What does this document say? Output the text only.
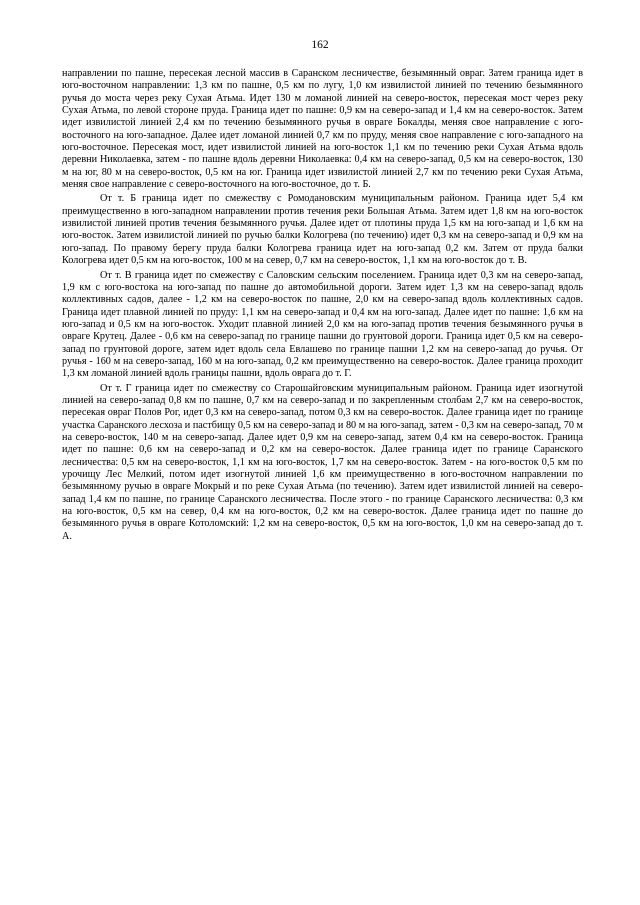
162

направлении по пашне, пересекая лесной массив в Саранском лесничестве, безымянный овраг. Затем граница идет в юго-восточном направлении: 1,3 км по пашне, 0,5 км по лугу, 1,0 км извилистой линией по течению безымянного ручья до моста через реку Сухая Атьма. Идет 130 м ломаной линией на северо-восток, пересекая мост через реку Сухая Атьма, по левой стороне пруда. Граница идет по пашне: 0,9 км на северо-запад и 1,4 км на северо-восток. Затем идет извилистой линией 2,4 км по течению безымянного ручья в овраге Бокалды, меняя свое направление с юго-восточного на юго-западное. Далее идет ломаной линией 0,7 км по пруду, меняя свое направление с юго-западного на юго-восточное. Пересекая мост, идет извилистой линией на юго-восток 1,1 км по течению реки Сухая Атьма вдоль деревни Николаевка, затем - по пашне вдоль деревни Николаевка: 0,4 км на северо-запад, 0,5 км на северо-восток, 130 м на юг, 80 м на северо-восток, 0,5 км на юг. Граница идет извилистой линией 2,7 км по течению реки Сухая Атьма, меняя свое направление с северо-восточного на юго-восточное, до т. Б.

От т. Б граница идет по смежеству с Ромодановским муниципальным районом. Граница идет 5,4 км преимущественно в юго-западном направлении против течения реки Большая Атьма. Затем идет 1,8 км на юго-восток извилистой линией против течения безымянного ручья. Далее идет от плотины пруда 1,5 км на юго-запад и 1,6 км на юго-восток. Затем извилистой линией по ручью балки Кологрева (по течению) идет 0,3 км на северо-запад и 0,9 км на юго-запад. По правому берегу пруда балки Кологрева граница идет на юго-запад 0,2 км. Затем от пруда балки Кологрева идет 0,5 км на юго-восток, 100 м на север, 0,7 км на северо-восток, 1,1 км на юго-восток до т. В.

От т. В граница идет по смежеству с Саловским сельским поселением. Граница идет 0,3 км на северо-запад, 1,9 км с юго-востока на юго-запад по пашне до автомобильной дороги. Затем идет 1,3 км на северо-запад вдоль коллективных садов, далее - 1,2 км на северо-восток по пашне, 2,0 км на северо-запад вдоль коллективных садов. Граница идет плавной линией по пруду: 1,1 км на северо-запад и 0,4 км на юго-запад. Далее идет по пашне: 1,6 км на юго-запад и 0,5 км на юго-восток. Уходит плавной линией 2,0 км на юго-запад против течения безымянного ручья в овраге Крутец. Далее - 0,6 км на северо-запад по границе пашни до грунтовой дороги. Граница идет 0,5 км на северо-запад по грунтовой дороге, затем идет вдоль села Евлашево по границе пашни 1,2 км на северо-запад до ручья. От ручья - 160 м на северо-запад, 160 м на юго-запад, 0,2 км преимущественно на северо-восток. Далее граница проходит 1,3 км ломаной линией вдоль границы пашни, вдоль оврага до т. Г.

От т. Г граница идет по смежеству со Старошайговским муниципальным районом. Граница идет изогнутой линией на северо-запад 0,8 км по пашне, 0,7 км на северо-запад и по закрепленным столбам 2,7 км на северо-восток, пересекая овраг Полов Рог, идет 0,3 км на северо-запад, потом 0,3 км на северо-восток. Далее граница идет по границе участка Саранского лесхоза и пастбищу 0,5 км на северо-запад и 80 м на юго-запад, затем - 0,3 км на северо-запад, 70 м на северо-восток, 140 м на северо-запад. Далее идет 0,9 км на северо-запад, затем 0,4 км на северо-восток. Граница идет по пашне: 0,6 км на северо-запад и 0,2 км на северо-восток. Далее граница идет по границе Саранского лесничества: 0,5 км на северо-восток, 1,1 км на юго-восток, 1,7 км на северо-восток. Затем - на юго-восток 0,5 км по урочищу Лес Мелкий, потом идет изогнутой линией 1,6 км преимущественно в юго-восточном направлении по безымянному ручью в овраге Мокрый и по реке Сухая Атьма (по течению). Затем идет извилистой линией на северо-запад 1,4 км по пашне, по границе Саранского лесничества. После этого - по границе Саранского лесничества: 0,3 км на юго-восток, 0,5 км на север, 0,4 км на юго-восток, 0,2 км на северо-восток. Далее граница идет по пашне до безымянного ручья в овраге Котоломский: 1,2 км на северо-восток, 0,5 км на юго-восток, 1,0 км на северо-запад до т. А.
